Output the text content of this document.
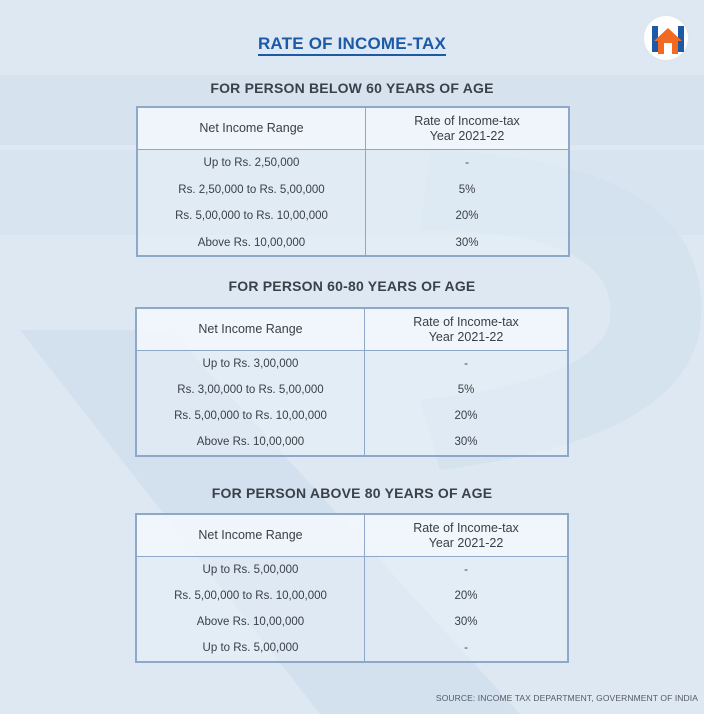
RATE OF INCOME-TAX
FOR PERSON BELOW 60 YEARS OF AGE
Net Income Range
Rate of Income-tax
Year 2021-22
Up to Rs. 2,50,000	-
Rs. 2,50,000 to Rs. 5,00,000	5%
Rs. 5,00,000 to Rs. 10,00,000	20%
Above Rs. 10,00,000	30%
FOR PERSON 60-80 YEARS OF AGE
Net Income Range
Rate of Income-tax
Year 2021-22
Up to Rs. 3,00,000	-
Rs. 3,00,000 to Rs. 5,00,000	5%
Rs. 5,00,000 to Rs. 10,00,000	20%
Above Rs. 10,00,000	30%
FOR PERSON ABOVE 80 YEARS OF AGE
Net Income Range
Rate of Income-tax
Year 2021-22
Up to Rs. 5,00,000	-
Rs. 5,00,000 to Rs. 10,00,000	20%
Above Rs. 10,00,000	30%
Up to Rs. 5,00,000	-
SOURCE: INCOME TAX DEPARTMENT, GOVERNMENT OF INDIA
